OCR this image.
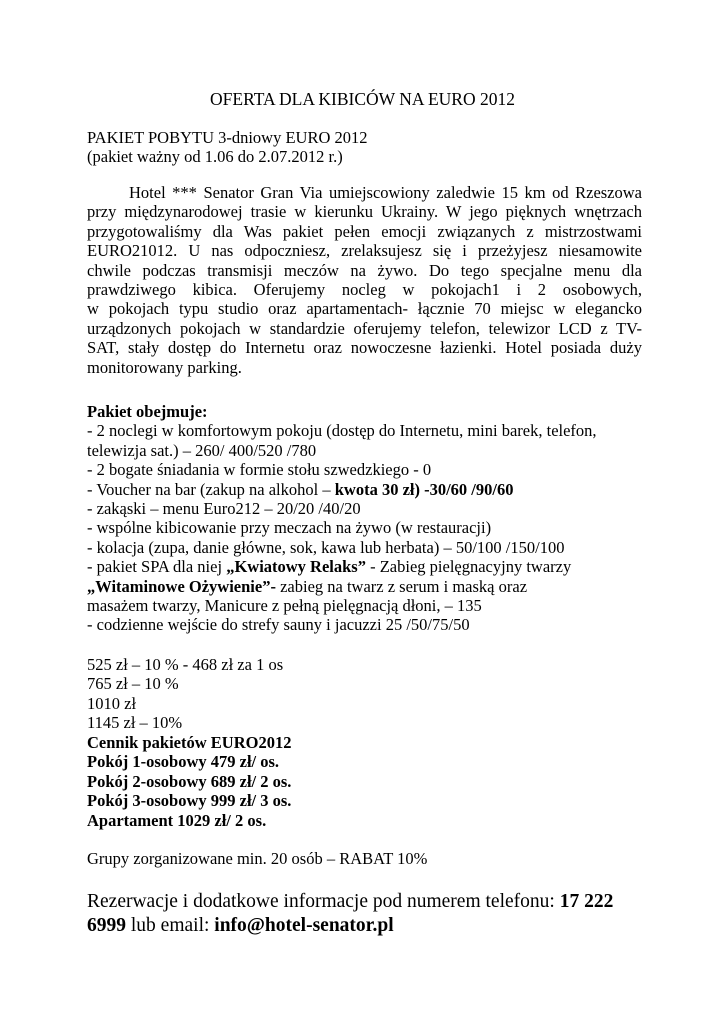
OFERTA DLA KIBICÓW NA EURO 2012
PAKIET POBYTU 3-dniowy EURO 2012
(pakiet ważny od 1.06 do 2.07.2012 r.)
Hotel *** Senator Gran Via umiejscowiony zaledwie 15 km od Rzeszowa
przy międzynarodowej trasie w kierunku Ukrainy. W jego pięknych wnętrzach
przygotowaliśmy dla Was pakiet pełen emocji związanych z mistrzostwami
EURO21012. U nas odpoczniesz, zrelaksujesz się i przeżyjesz niesamowite
chwile podczas transmisji meczów na żywo. Do tego specjalne menu dla
prawdziwego kibica. Oferujemy nocleg w pokojach1 i 2 osobowych,
w pokojach typu studio oraz apartamentach- łącznie 70 miejsc w elegancko
urządzonych pokojach w standardzie oferujemy telefon, telewizor LCD z TV-
SAT, stały dostęp do Internetu oraz nowoczesne łazienki. Hotel posiada duży
monitorowany parking.
Pakiet obejmuje:
- 2 noclegi w komfortowym pokoju (dostęp do Internetu, mini barek, telefon,
telewizja sat.) – 260/ 400/520 /780
- 2 bogate śniadania w formie stołu szwedzkiego - 0
- Voucher na bar (zakup na alkohol – kwota 30 zł) -30/60 /90/60
- zakąski – menu Euro212 – 20/20 /40/20
- wspólne kibicowanie przy meczach na żywo (w restauracji)
- kolacja (zupa, danie główne, sok, kawa lub herbata) – 50/100 /150/100
- pakiet SPA dla niej „Kwiatowy Relaks” - Zabieg pielęgnacyjny twarzy
„Witaminowe Ożywienie”- zabieg na twarz z serum i maską oraz
masażem twarzy, Manicure z pełną pielęgnacją dłoni, – 135
- codzienne wejście do strefy sauny i jacuzzi 25 /50/75/50
525 zł – 10 % - 468 zł za 1 os
765 zł – 10 %
1010 zł
1145 zł – 10%
Cennik pakietów EURO2012
Pokój 1-osobowy 479 zł/ os.
Pokój 2-osobowy 689 zł/ 2 os.
Pokój 3-osobowy 999 zł/ 3 os.
Apartament 1029 zł/ 2 os.
Grupy zorganizowane min. 20 osób – RABAT 10%
Rezerwacje i dodatkowe informacje pod numerem telefonu: 17 222
6999 lub email: info@hotel-senator.pl
